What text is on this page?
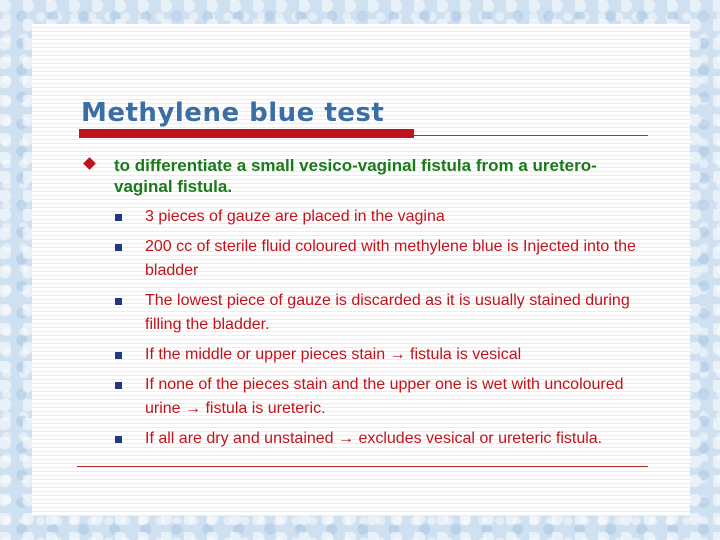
Methylene blue test
to differentiate a small vesico-vaginal fistula from a uretero-vaginal fistula.
3 pieces of gauze are placed in the vagina
200 cc of sterile fluid coloured with methylene blue is Injected into the bladder
The lowest piece of gauze is discarded as it is usually stained during filling the bladder.
If the middle or upper pieces stain → fistula is vesical
If none of the pieces stain and the upper one is wet with uncoloured urine → fistula is ureteric.
If all are dry and unstained → excludes vesical or ureteric fistula.
